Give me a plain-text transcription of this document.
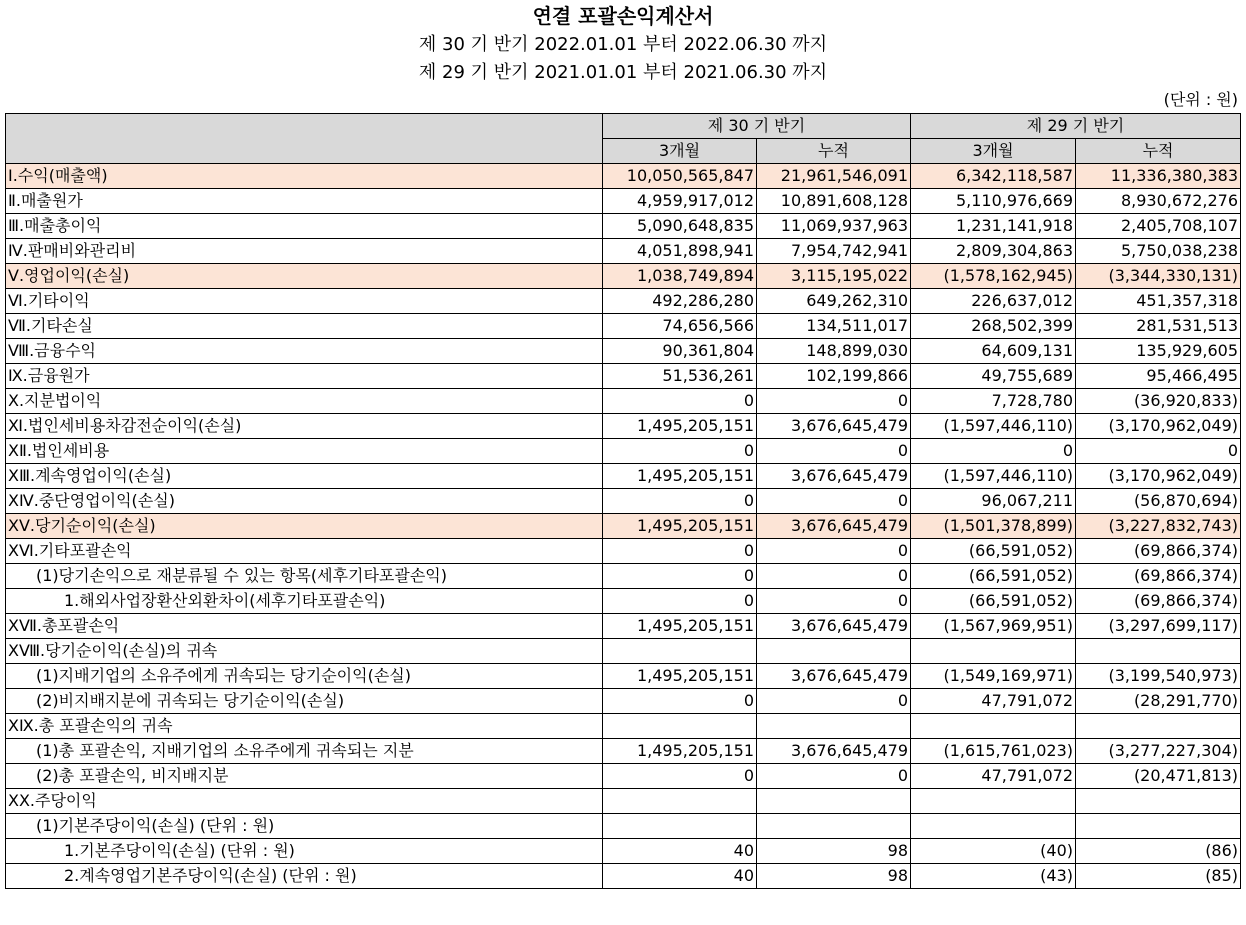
연결 포괄손익계산서
제 30 기 반기 2022.01.01 부터 2022.06.30 까지
제 29 기 반기 2021.01.01 부터 2021.06.30 까지
(단위 : 원)
	제 30 기 반기		제 29 기 반기	
	3개월	누적	3개월	누적
Ⅰ.수익(매출액)	10,050,565,847	21,961,546,091	6,342,118,587	11,336,380,383
Ⅱ.매출원가	4,959,917,012	10,891,608,128	5,110,976,669	8,930,672,276
Ⅲ.매출총이익	5,090,648,835	11,069,937,963	1,231,141,918	2,405,708,107
Ⅳ.판매비와관리비	4,051,898,941	7,954,742,941	2,809,304,863	5,750,038,238
Ⅴ.영업이익(손실)	1,038,749,894	3,115,195,022	(1,578,162,945)	(3,344,330,131)
Ⅵ.기타이익	492,286,280	649,262,310	226,637,012	451,357,318
Ⅶ.기타손실	74,656,566	134,511,017	268,502,399	281,531,513
Ⅷ.금융수익	90,361,804	148,899,030	64,609,131	135,929,605
Ⅸ.금융원가	51,536,261	102,199,866	49,755,689	95,466,495
Ⅹ.지분법이익	0	0	7,728,780	(36,920,833)
Ⅺ.법인세비용차감전순이익(손실)	1,495,205,151	3,676,645,479	(1,597,446,110)	(3,170,962,049)
ⅩⅡ.법인세비용	0	0	0	0
ⅩⅢ.계속영업이익(손실)	1,495,205,151	3,676,645,479	(1,597,446,110)	(3,170,962,049)
ⅩⅣ.중단영업이익(손실)	0	0	96,067,211	(56,870,694)
ⅩⅤ.당기순이익(손실)	1,495,205,151	3,676,645,479	(1,501,378,899)	(3,227,832,743)
ⅩⅥ.기타포괄손익	0	0	(66,591,052)	(69,866,374)
(1)당기손익으로 재분류될 수 있는 항목(세후기타포괄손익)	0	0	(66,591,052)	(69,866,374)
1.해외사업장환산외환차이(세후기타포괄손익)	0	0	(66,591,052)	(69,866,374)
ⅩⅦ.총포괄손익	1,495,205,151	3,676,645,479	(1,567,969,951)	(3,297,699,117)
ⅩⅧ.당기순이익(손실)의 귀속				
(1)지배기업의 소유주에게 귀속되는 당기순이익(손실)	1,495,205,151	3,676,645,479	(1,549,169,971)	(3,199,540,973)
(2)비지배지분에 귀속되는 당기순이익(손실)	0	0	47,791,072	(28,291,770)
ⅩⅨ.총 포괄손익의 귀속				
(1)총 포괄손익, 지배기업의 소유주에게 귀속되는 지분	1,495,205,151	3,676,645,479	(1,615,761,023)	(3,277,227,304)
(2)총 포괄손익, 비지배지분	0	0	47,791,072	(20,471,813)
ⅩⅩ.주당이익				
(1)기본주당이익(손실) (단위 : 원)				
1.기본주당이익(손실) (단위 : 원)	40	98	(40)	(86)
2.계속영업기본주당이익(손실) (단위 : 원)	40	98	(43)	(85)
